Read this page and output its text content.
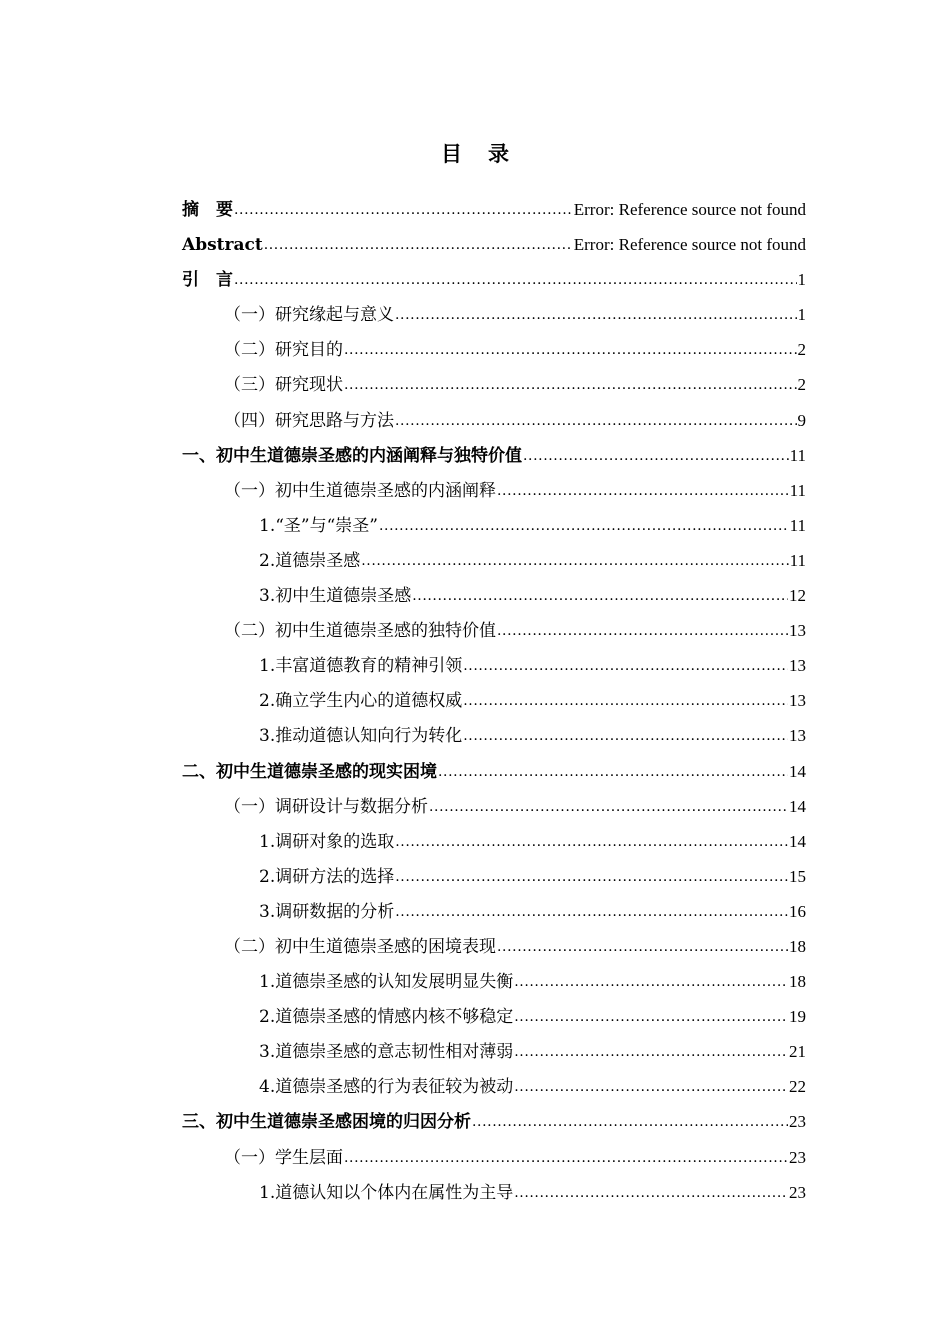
目录
摘要 .....	Error: Reference source not found
Abstract .....	Error: Reference source not found
引言 .....	1
（一）研究缘起与意义 .....	1
（二）研究目的 .....	2
（三）研究现状 .....	2
（四）研究思路与方法 .....	9
一、初中生道德崇圣感的内涵阐释与独特价值 .....	11
（一）初中生道德崇圣感的内涵阐释 .....	11
1.“圣”与“崇圣” .....	11
2.道德崇圣感 .....	11
3.初中生道德崇圣感 .....	12
（二）初中生道德崇圣感的独特价值 .....	13
1.丰富道德教育的精神引领 .....	13
2.确立学生内心的道德权威 .....	13
3.推动道德认知向行为转化 .....	13
二、初中生道德崇圣感的现实困境 .....	14
（一）调研设计与数据分析 .....	14
1.调研对象的选取 .....	14
2.调研方法的选择 .....	15
3.调研数据的分析 .....	16
（二）初中生道德崇圣感的困境表现 .....	18
1.道德崇圣感的认知发展明显失衡 .....	18
2.道德崇圣感的情感内核不够稳定 .....	19
3.道德崇圣感的意志韧性相对薄弱 .....	21
4.道德崇圣感的行为表征较为被动 .....	22
三、初中生道德崇圣感困境的归因分析 .....	23
（一）学生层面 .....	23
1.道德认知以个体内在属性为主导 .....	23
